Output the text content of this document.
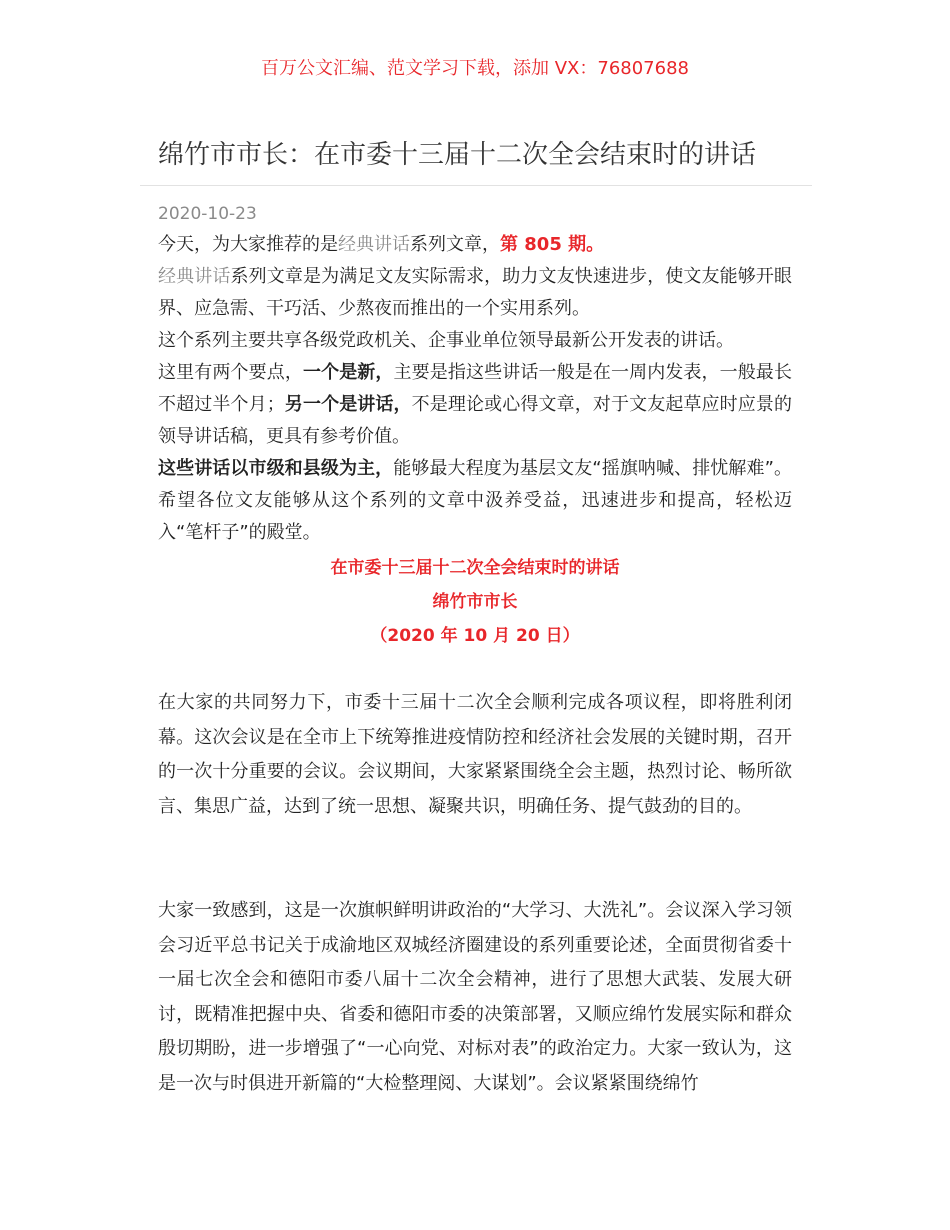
百万公文汇编、范文学习下载，添加 VX：76807688
绵竹市市长：在市委十三届十二次全会结束时的讲话
2020-10-23

今天，为大家推荐的是经典讲话系列文章，第 805 期。

经典讲话系列文章是为满足文友实际需求，助力文友快速进步，使文友能够开眼界、应急需、干巧活、少熬夜而推出的一个实用系列。

这个系列主要共享各级党政机关、企事业单位领导最新公开发表的讲话。

这里有两个要点，一个是新，主要是指这些讲话一般是在一周内发表，一般最长不超过半个月；另一个是讲话，不是理论或心得文章，对于文友起草应时应景的领导讲话稿，更具有参考价值。

这些讲话以市级和县级为主，能够最大程度为基层文友“摇旗呐喊、排忧解难”。希望各位文友能够从这个系列的文章中汲养受益，迅速进步和提高，轻松迈入“笔杆子”的殿堂。

在市委十三届十二次全会结束时的讲话
绵竹市市长
（2020 年 10 月 20 日）

在大家的共同努力下，市委十三届十二次全会顺利完成各项议程，即将胜利闭幕。这次会议是在全市上下统筹推进疫情防控和经济社会发展的关键时期，召开的一次十分重要的会议。会议期间，大家紧紧围绕全会主题，热烈讨论、畅所欲言、集思广益，达到了统一思想、凝聚共识，明确任务、提气鼓劲的目的。

大家一致感到，这是一次旗帜鲜明讲政治的“大学习、大洗礼”。会议深入学习领会习近平总书记关于成渝地区双城经济圈建设的系列重要论述，全面贯彻省委十一届七次全会和德阳市委八届十二次全会精神，进行了思想大武装、发展大研讨，既精准把握中央、省委和德阳市委的决策部署，又顺应绵竹发展实际和群众殷切期盼，进一步增强了“一心向党、对标对表”的政治定力。大家一致认为，这是一次与时俱进开新篇的“大检整理阅、大谋划”。会议紧紧围绕绵竹
